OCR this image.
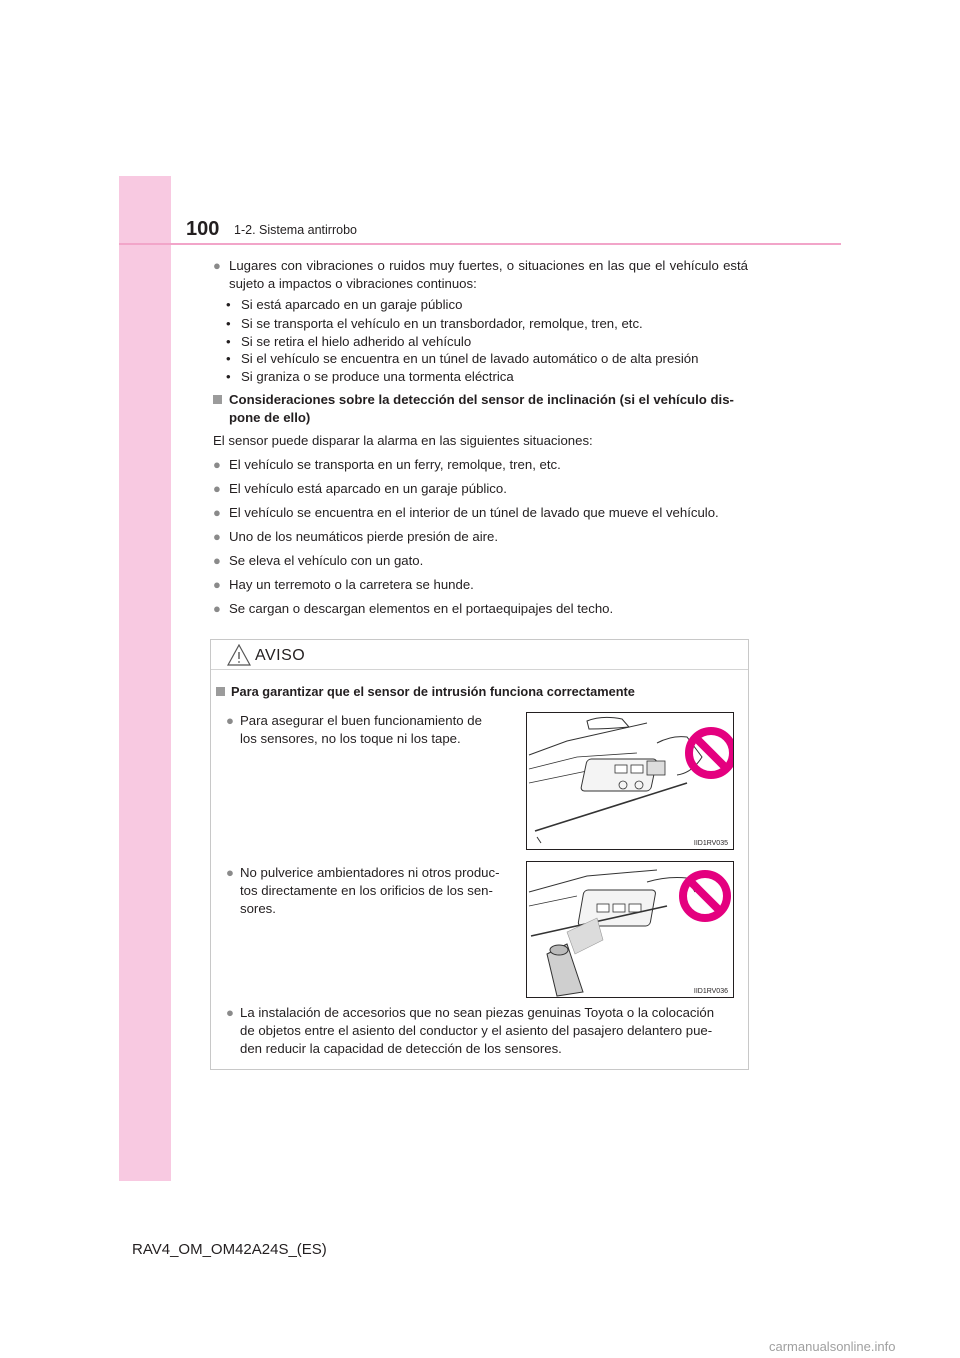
100 1-2. Sistema antirrobo
● Lugares con vibraciones o ruidos muy fuertes, o situaciones en las que el vehículo está sujeto a impactos o vibraciones continuos:
• Si está aparcado en un garaje público
• Si se transporta el vehículo en un transbordador, remolque, tren, etc.
• Si se retira el hielo adherido al vehículo
• Si el vehículo se encuentra en un túnel de lavado automático o de alta presión
• Si graniza o se produce una tormenta eléctrica
Consideraciones sobre la detección del sensor de inclinación (si el vehículo dis-
pone de ello)
El sensor puede disparar la alarma en las siguientes situaciones:
● El vehículo se transporta en un ferry, remolque, tren, etc.
● El vehículo está aparcado en un garaje público.
● El vehículo se encuentra en el interior de un túnel de lavado que mueve el vehículo.
● Uno de los neumáticos pierde presión de aire.
● Se eleva el vehículo con un gato.
● Hay un terremoto o la carretera se hunde.
● Se cargan o descargan elementos en el portaequipajes del techo.
AVISO
Para garantizar que el sensor de intrusión funciona correctamente
● Para asegurar el buen funcionamiento de
los sensores, no los toque ni los tape.
IID1RV035
● No pulverice ambientadores ni otros produc-
tos directamente en los orificios de los sen-
sores.
IID1RV036
● La instalación de accesorios que no sean piezas genuinas Toyota o la colocación
de objetos entre el asiento del conductor y el asiento del pasajero delantero pue-
den reducir la capacidad de detección de los sensores.
RAV4_OM_OM42A24S_(ES)
carmanualsonline.info
